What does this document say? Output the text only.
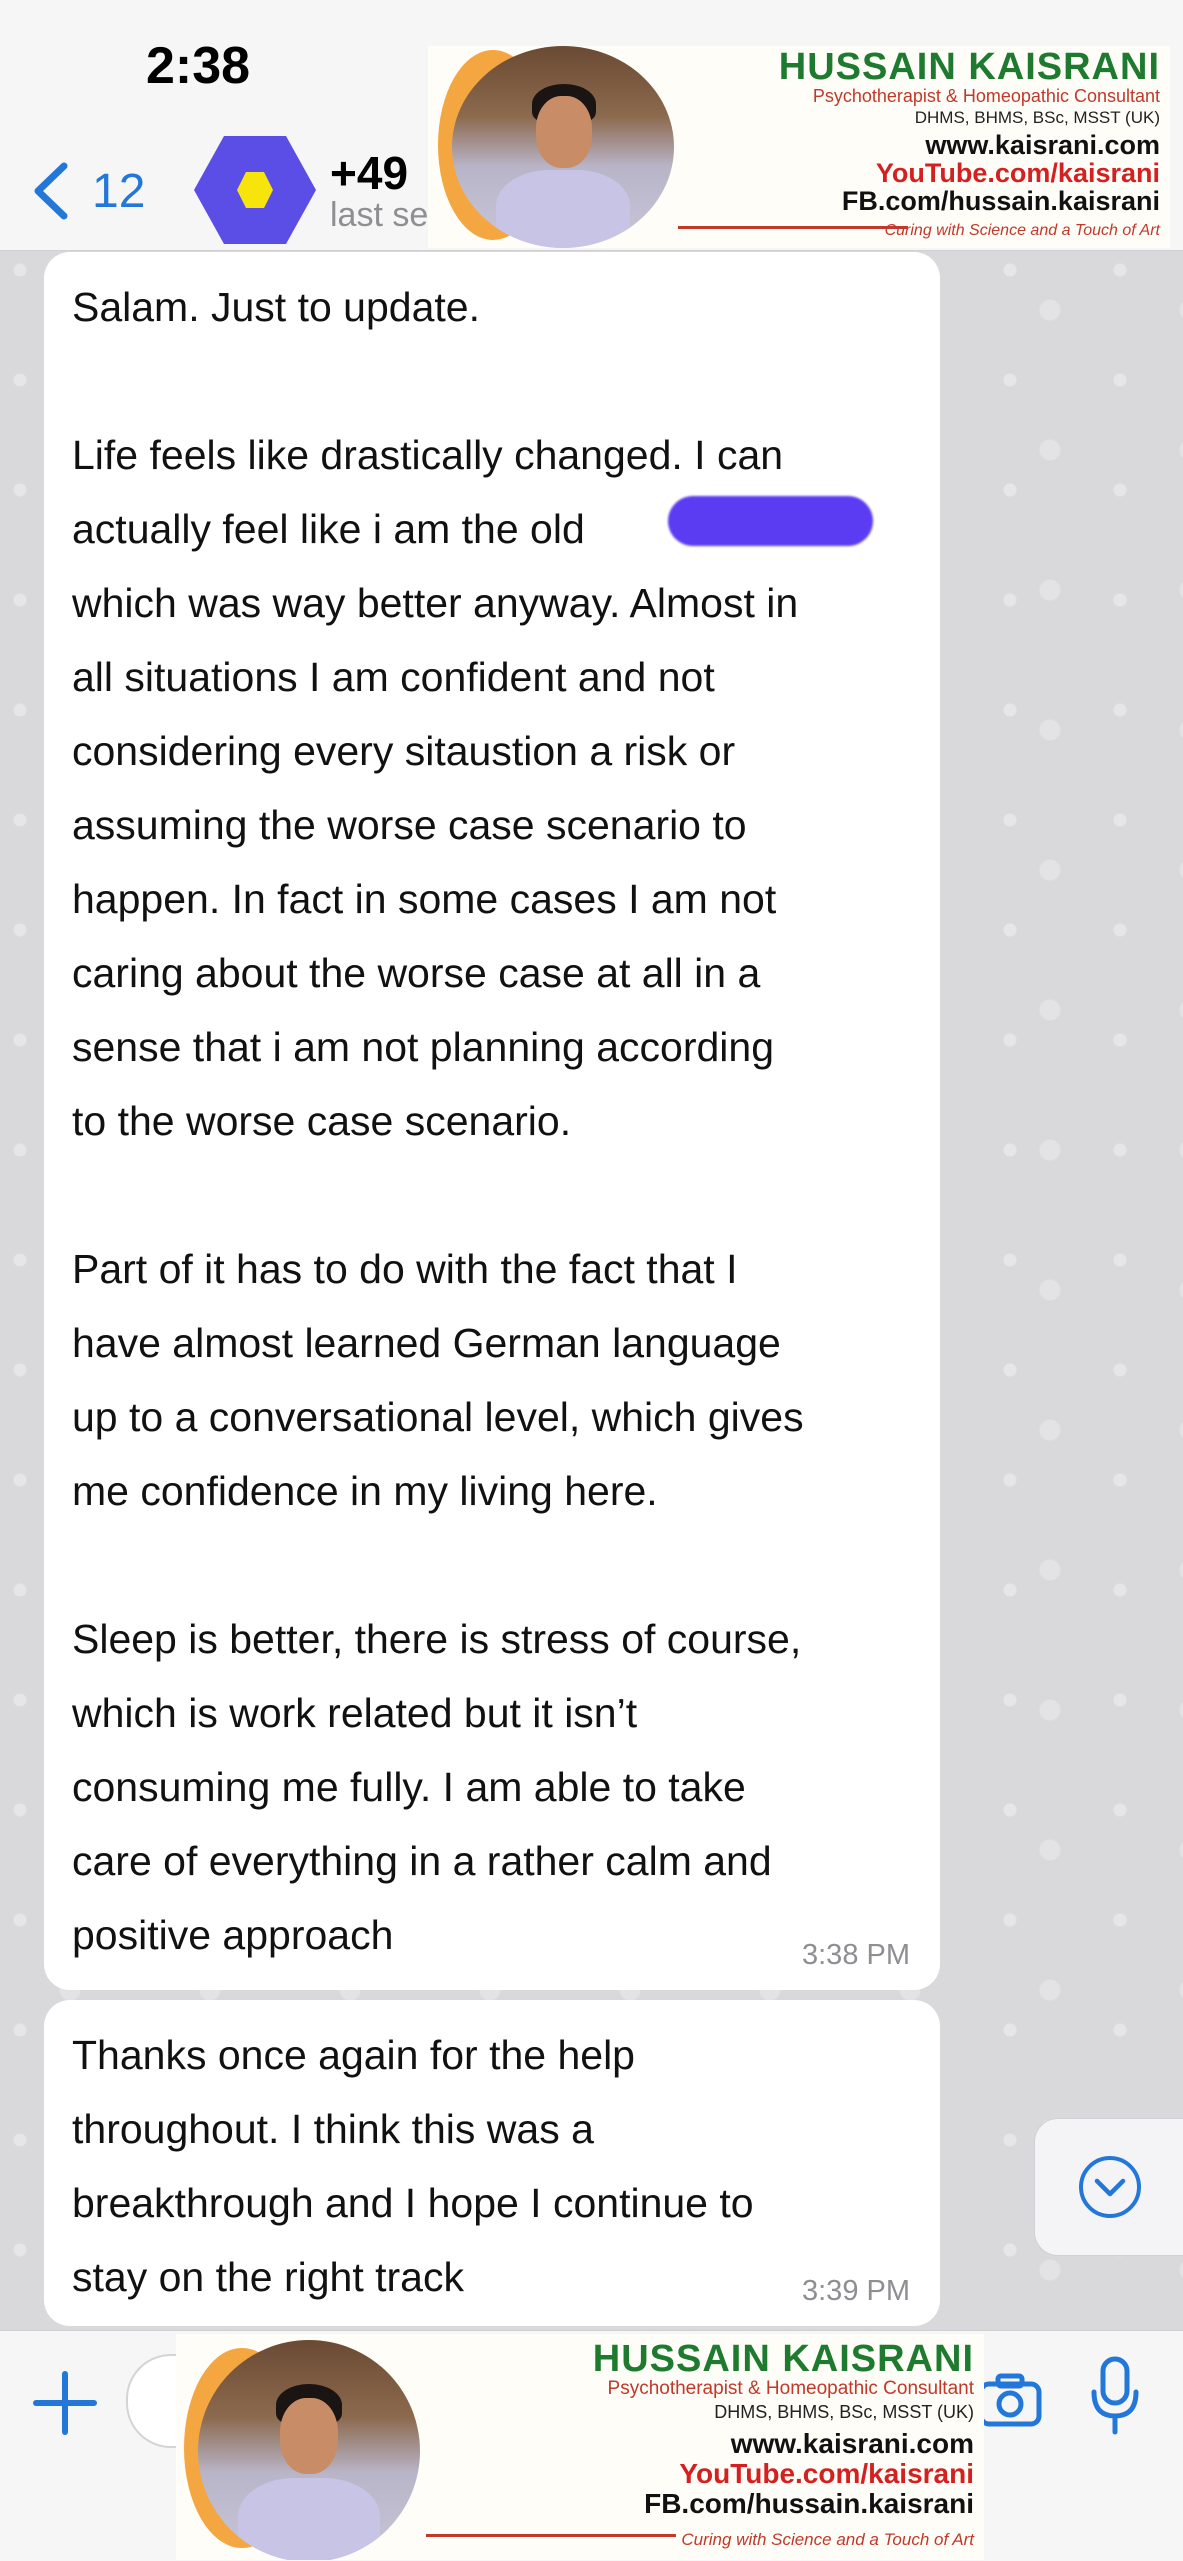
2:38
12	+49
last se
HUSSAIN KAISRANI
Psychotherapist & Homeopathic Consultant
DHMS, BHMS, BSc, MSST (UK)
www.kaisrani.com
YouTube.com/kaisrani
FB.com/hussain.kaisrani
Curing with Science and a Touch of Art
Salam. Just to update.

Life feels like drastically changed. I can
actually feel like i am the old
which was way better anyway. Almost in
all situations I am confident and not
considering every sitaustion a risk or
assuming the worse case scenario to
happen. In fact in some cases I am not
caring about the worse case at all in a
sense that i am not planning according
to the worse case scenario.

Part of it has to do with the fact that I
have almost learned German language
up to a conversational level, which gives
me confidence in my living here.

Sleep is better, there is stress of course,
which is work related but it isn’t
consuming me fully. I am able to take
care of everything in a rather calm and
positive approach	3:38 PM
Thanks once again for the help
throughout. I think this was a
breakthrough and I hope I continue to
stay on the right track	3:39 PM
HUSSAIN KAISRANI
Psychotherapist & Homeopathic Consultant
DHMS, BHMS, BSc, MSST (UK)
www.kaisrani.com
YouTube.com/kaisrani
FB.com/hussain.kaisrani
Curing with Science and a Touch of Art
